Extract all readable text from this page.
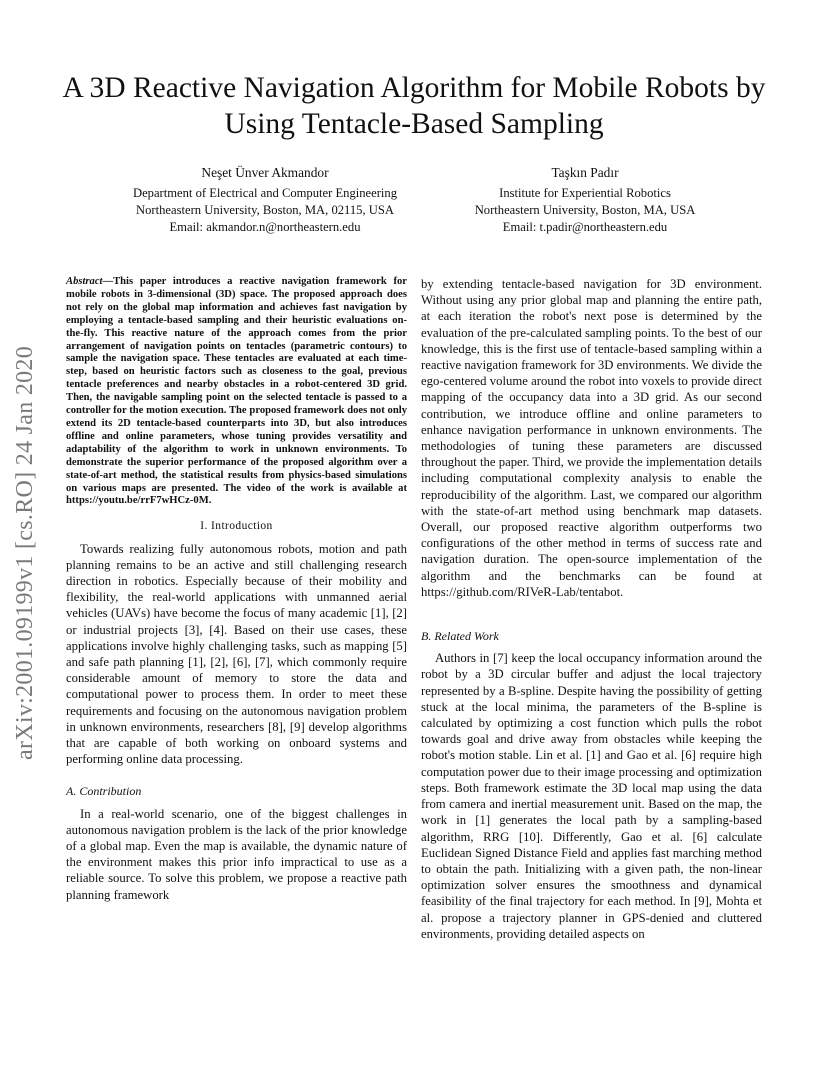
A 3D Reactive Navigation Algorithm for Mobile Robots by Using Tentacle-Based Sampling
Neşet Ünver Akmandor
Department of Electrical and Computer Engineering
Northeastern University, Boston, MA, 02115, USA
Email: akmandor.n@northeastern.edu
Taşkın Padır
Institute for Experiential Robotics
Northeastern University, Boston, MA, USA
Email: t.padir@northeastern.edu
arXiv:2001.09199v1 [cs.RO] 24 Jan 2020

Abstract—This paper introduces a reactive navigation framework for mobile robots in 3-dimensional (3D) space. The proposed approach does not rely on the global map information and achieves fast navigation by employing a tentacle-based sampling and their heuristic evaluations on-the-fly. This reactive nature of the approach comes from the prior arrangement of navigation points on tentacles (parametric contours) to sample the navigation space. These tentacles are evaluated at each time-step, based on heuristic factors such as closeness to the goal, previous tentacle preferences and nearby obstacles in a robot-centered 3D grid. Then, the navigable sampling point on the selected tentacle is passed to a controller for the motion execution. The proposed framework does not only extend its 2D tentacle-based counterparts into 3D, but also introduces offline and online parameters, whose tuning provides versatility and adaptability of the algorithm to work in unknown environments. To demonstrate the superior performance of the proposed algorithm over a state-of-art method, the statistical results from physics-based simulations on various maps are presented. The video of the work is available at https://youtu.be/rrF7wHCz-0M.

I. Introduction

Towards realizing fully autonomous robots, motion and path planning remains to be an active and still challenging research direction in robotics. Especially because of their mobility and flexibility, the real-world applications with unmanned aerial vehicles (UAVs) have become the focus of many academic [1], [2] or industrial projects [3], [4]. Based on their use cases, these applications involve highly challenging tasks, such as mapping [5] and safe path planning [1], [2], [6], [7], which commonly require considerable amount of memory to store the data and computational power to process them. In order to meet these requirements and focusing on the autonomous navigation problem in unknown environments, researchers [8], [9] develop algorithms that are capable of both working on onboard systems and performing online data processing.

A. Contribution

In a real-world scenario, one of the biggest challenges in autonomous navigation problem is the lack of the prior knowledge of a global map. Even the map is available, the dynamic nature of the environment makes this prior info impractical to use as a reliable source. To solve this problem, we propose a reactive path planning framework

by extending tentacle-based navigation for 3D environment. Without using any prior global map and planning the entire path, at each iteration the robot's next pose is determined by the evaluation of the pre-calculated sampling points. To the best of our knowledge, this is the first use of tentacle-based sampling within a reactive navigation framework for 3D environments. We divide the ego-centered volume around the robot into voxels to provide direct mapping of the occupancy data into a 3D grid. As our second contribution, we introduce offline and online parameters to enhance navigation performance in unknown environments. The methodologies of tuning these parameters are discussed throughout the paper. Third, we provide the implementation details including computational complexity analysis to enable the reproducibility of the algorithm. Last, we compared our algorithm with the state-of-art method using benchmark map datasets. Overall, our proposed reactive algorithm outperforms two configurations of the other method in terms of success rate and navigation duration. The open-source implementation of the algorithm and the benchmarks can be found at https://github.com/RIVeR-Lab/tentabot.

B. Related Work

Authors in [7] keep the local occupancy information around the robot by a 3D circular buffer and adjust the local trajectory represented by a B-spline. Despite having the possibility of getting stuck at the local minima, the parameters of the B-spline is calculated by optimizing a cost function which pulls the robot towards goal and drive away from obstacles while keeping the robot's motion stable. Lin et al. [1] and Gao et al. [6] require high computation power due to their image processing and optimization steps. Both framework estimate the 3D local map using the data from camera and inertial measurement unit. Based on the map, the work in [1] generates the local path by a sampling-based algorithm, RRG [10]. Differently, Gao et al. [6] calculate Euclidean Signed Distance Field and applies fast marching method to obtain the path. Initializing with a given path, the non-linear optimization solver ensures the smoothness and dynamical feasibility of the final trajectory for each method. In [9], Mohta et al. propose a trajectory planner in GPS-denied and cluttered environments, providing detailed aspects on
